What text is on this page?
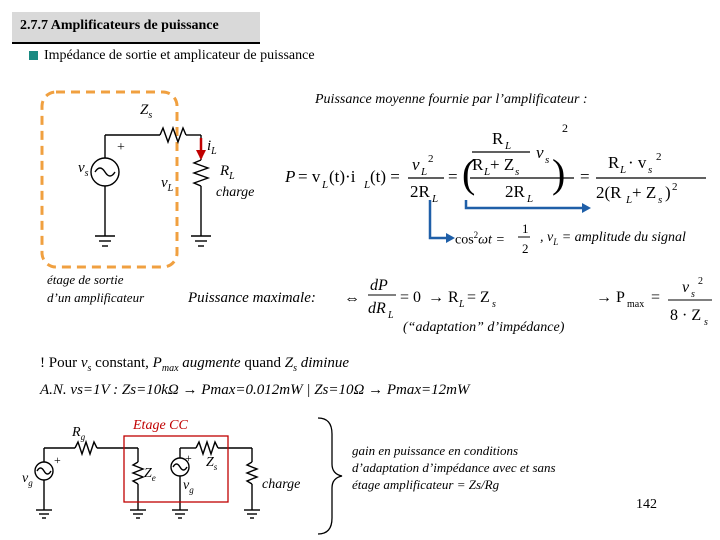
2.7.7 Amplificateurs de puissance
Impédance de sortie et amplicateur de puissance
P = v L (t)·i L (t) =
v L
2
2R L
= (
R L
R L + Z s
v s )
2
2R L
=
R L · v s
2
2(R L + Z s ) 2
1
2
⇔
dP
dR L
= 0 → R L = Z s	→ P max =
v s
2
8 · Z s
$Z_s$
+
$v_s$
$i_L$
$v_L$
$R_L$
charge
étage de sortie
d’un amplificateur
Puissance moyenne fournie par l’amplificateur :
$\cos^2\omega t$ =	, $v_L$ = amplitude du signal
Puissance maximale:
(“adaptation” d’impédance)
! Pour $v_s$ constant, $P_{max}$ augmente quand $Z_s$ diminue
A.N. vs=1V : Zs=10kΩ → Pmax=0.012mW | Zs=10Ω → Pmax=12mW
$R_g$
$v_g$
+
Etage CC
$Z_e$
+ $Z_s$
$v_g$	charge
gain en puissance en conditions d’adaptation d’impédance avec et sans étage amplificateur = Zs/Rg
142
